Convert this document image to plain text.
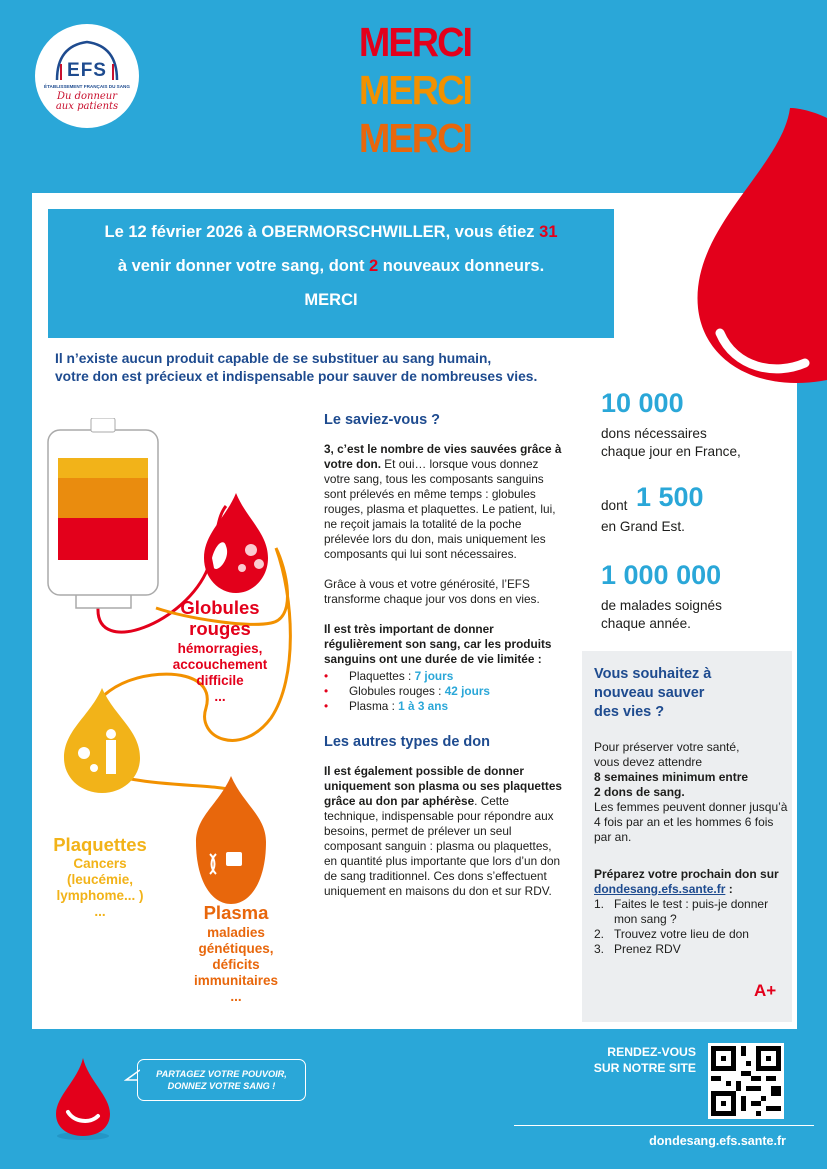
EFS
ÉTABLISSEMENT FRANÇAIS DU SANG
Du donneur
aux patients
MERCI
MERCI
MERCI
Le 12 février 2026 à OBERMORSCHWILLER, vous étiez 31
à venir donner votre sang, dont 2 nouveaux donneurs.
MERCI
Il n’existe aucun produit capable de se substituer au sang humain,
votre don est précieux et indispensable pour sauver de nombreuses vies.
Globules
rouges
hémorragies,
accouchement
difficile
...
Plaquettes
Cancers
(leucémie,
lymphome... )
...	Plasma
maladies
génétiques,
déficits
immunitaires
...
Le saviez-vous ?

3, c’est le nombre de vies sauvées grâce à votre don. Et oui… lorsque vous donnez votre sang, tous les composants sanguins sont prélevés en même temps : globules rouges, plasma et plaquettes. Le patient, lui, ne reçoit jamais la totalité de la poche prélevée lors du don, mais uniquement les composants qui lui sont nécessaires.

Grâce à vous et votre générosité, l’EFS transforme chaque jour vos dons en vies.

Il est très important de donner régulièrement son sang, car les produits sanguins ont une durée de vie limitée :

• Plaquettes : 7 jours
• Globules rouges : 42 jours
• Plasma : 1 à 3 ans
Les autres types de don

Il est également possible de donner uniquement son plasma ou ses plaquettes grâce au don par aphérèse. Cette technique, indispensable pour répondre aux besoins, permet de prélever un seul composant sanguin : plasma ou plaquettes, en quantité plus importante que lors d’un don de sang traditionnel. Ces dons s’effectuent uniquement en maisons du don et sur RDV.

10 000
dons nécessaires
chaque jour en France,
dont 1 500
en Grand Est.
1 000 000
de malades soignés
chaque année.
Vous souhaitez à
nouveau sauver
des vies ?
Pour préserver votre santé,
vous devez attendre
8 semaines minimum entre
2 dons de sang.
Les femmes peuvent donner jusqu’à 4 fois par an et les hommes 6 fois par an.
Préparez votre prochain don sur dondesang.efs.sante.fr :
1. Faites le test : puis-je donner mon sang ?
2. Trouvez votre lieu de don
3. Prenez RDV
A+
PARTAGEZ VOTRE POUVOIR,
DONNEZ VOTRE SANG !
RENDEZ-VOUS
SUR NOTRE SITE
dondesang.efs.sante.fr
